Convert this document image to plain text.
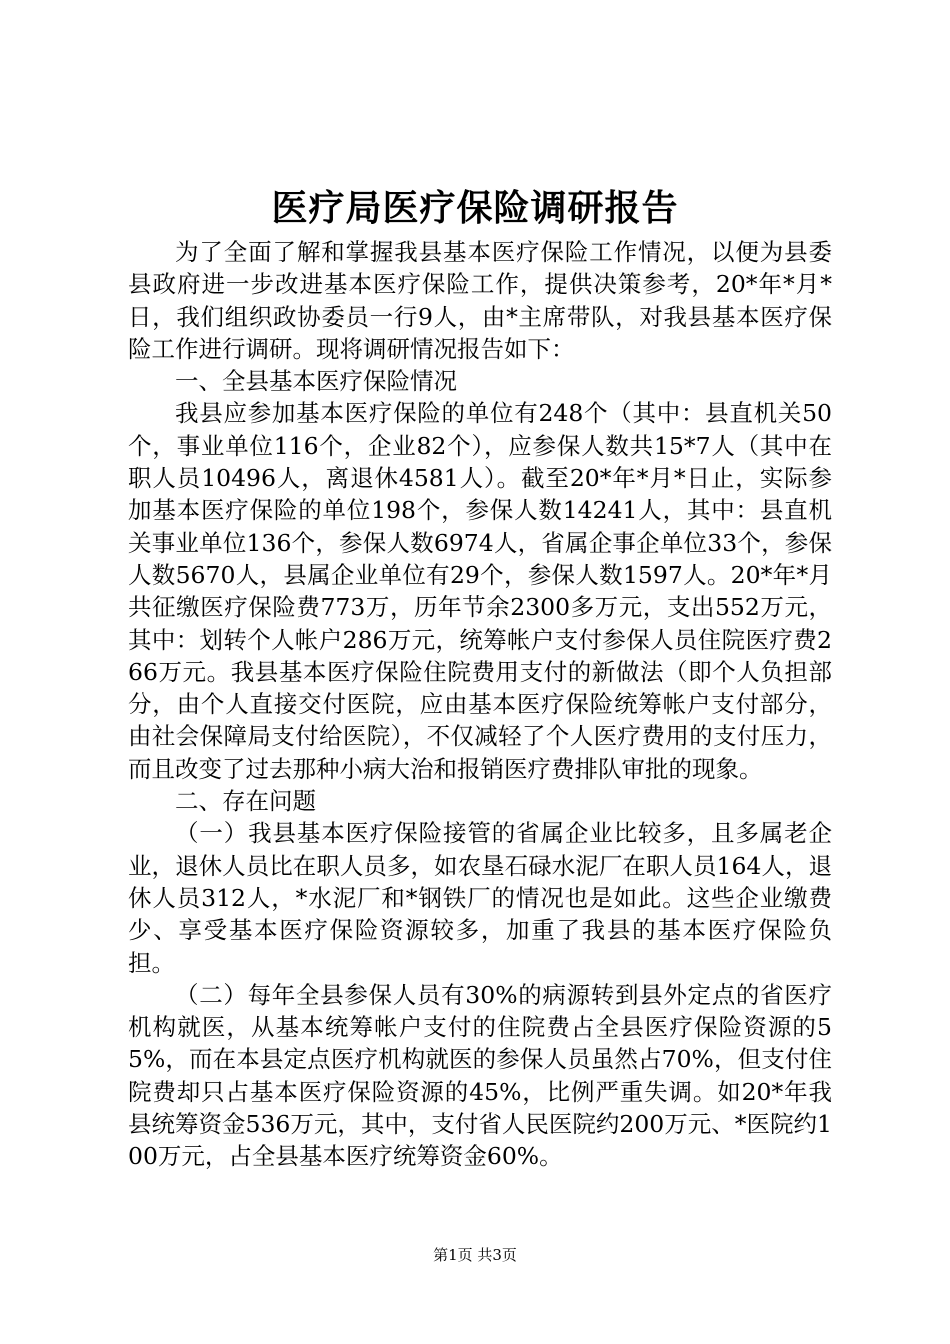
医疗局医疗保险调研报告

为了全面了解和掌握我县基本医疗保险工作情况，以便为县委县政府进一步改进基本医疗保险工作，提供决策参考，20*年*月*日，我们组织政协委员一行9人，由*主席带队，对我县基本医疗保险工作进行调研。现将调研情况报告如下：

一、全县基本医疗保险情况

我县应参加基本医疗保险的单位有248个（其中：县直机关50个，事业单位116个，企业82个），应参保人数共15*7人（其中在职人员10496人，离退休4581人）。截至20*年*月*日止，实际参加基本医疗保险的单位198个，参保人数14241人，其中：县直机关事业单位136个，参保人数6974人，省属企事企单位33个，参保人数5670人，县属企业单位有29个，参保人数1597人。20*年*月共征缴医疗保险费773万，历年节余2300多万元，支出552万元，其中：划转个人帐户286万元，统筹帐户支付参保人员住院医疗费266万元。我县基本医疗保险住院费用支付的新做法（即个人负担部分，由个人直接交付医院，应由基本医疗保险统筹帐户支付部分，由社会保障局支付给医院），不仅减轻了个人医疗费用的支付压力，而且改变了过去那种小病大治和报销医疗费排队审批的现象。

二、存在问题

（一）我县基本医疗保险接管的省属企业比较多，且多属老企业，退休人员比在职人员多，如农垦石碌水泥厂在职人员164人，退休人员312人，*水泥厂和*钢铁厂的情况也是如此。这些企业缴费少、享受基本医疗保险资源较多，加重了我县的基本医疗保险负担。

（二）每年全县参保人员有30%的病源转到县外定点的省医疗机构就医，从基本统筹帐户支付的住院费占全县医疗保险资源的55%，而在本县定点医疗机构就医的参保人员虽然占70%，但支付住院费却只占基本医疗保险资源的45%，比例严重失调。如20*年我县统筹资金536万元，其中，支付省人民医院约200万元、*医院约100万元，占全县基本医疗统筹资金60%。

第1页 共3页
